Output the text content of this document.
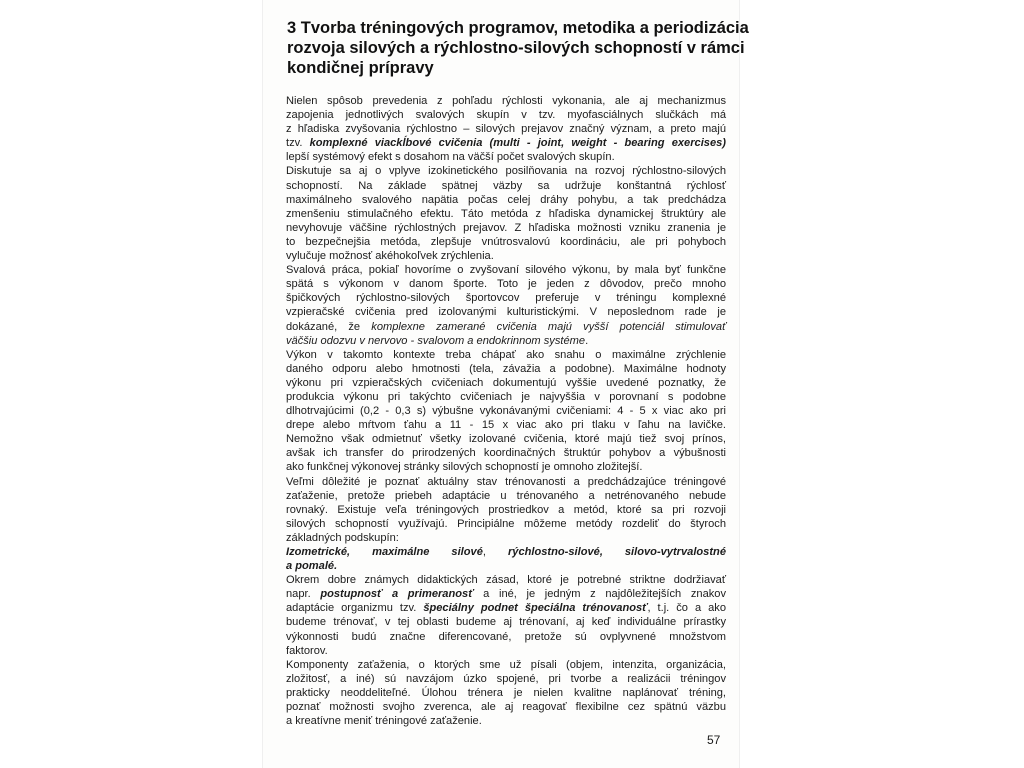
3 Tvorba tréningových programov, metodika a periodizácia
rozvoja silových a rýchlostno-silových schopností v rámci
kondičnej prípravy
Nielen spôsob prevedenia z pohľadu rýchlosti vykonania, ale aj mechanizmus
zapojenia jednotlivých svalových skupín v tzv. myofasciálnych slučkách má
z hľadiska zvyšovania rýchlostno – silových prejavov značný význam, a preto majú
tzv. komplexné viackĺbové cvičenia (multi - joint, weight - bearing exercises)
lepší systémový efekt s dosahom na väčší počet svalových skupín.
Diskutuje sa aj o vplyve izokinetického posilňovania na rozvoj rýchlostno-silových
schopností. Na základe spätnej väzby sa udržuje konštantná rýchlosť
maximálneho svalového napätia počas celej dráhy pohybu, a tak predchádza
zmenšeniu stimulačného efektu. Táto metóda z hľadiska dynamickej štruktúry ale
nevyhovuje väčšine rýchlostných prejavov. Z hľadiska možnosti vzniku zranenia je
to bezpečnejšia metóda, zlepšuje vnútrosvalovú koordináciu, ale pri pohyboch
vylučuje možnosť akéhokoľvek zrýchlenia.
Svalová práca, pokiaľ hovoríme o zvyšovaní silového výkonu, by mala byť funkčne
spätá s výkonom v danom športe. Toto je jeden z dôvodov, prečo mnoho
špičkových rýchlostno-silových športovcov preferuje v tréningu komplexné
vzpieračské cvičenia pred izolovanými kulturistickými. V neposlednom rade je
dokázané, že komplexne zamerané cvičenia majú vyšší potenciál stimulovať
väčšiu odozvu v nervovo - svalovom a endokrinnom systéme.
Výkon v takomto kontexte treba chápať ako snahu o maximálne zrýchlenie
daného odporu alebo hmotnosti (tela, závažia a podobne). Maximálne hodnoty
výkonu pri vzpieračských cvičeniach dokumentujú vyššie uvedené poznatky, že
produkcia výkonu pri takýchto cvičeniach je najvyššia v porovnaní s podobne
dlhotrvajúcimi (0,2 - 0,3 s) výbušne vykonávanými cvičeniami: 4 - 5 x viac ako pri
drepe alebo mŕtvom ťahu a 11 - 15 x viac ako pri tlaku v ľahu na lavičke.
Nemožno však odmietnuť všetky izolované cvičenia, ktoré majú tiež svoj prínos,
avšak ich transfer do prirodzených koordinačných štruktúr pohybov a výbušnosti
ako funkčnej výkonovej stránky silových schopností je omnoho zložitejší.
Veľmi dôležité je poznať aktuálny stav trénovanosti a predchádzajúce tréningové
zaťaženie, pretože priebeh adaptácie u trénovaného a netrénovaného nebude
rovnaký. Existuje veľa tréningových prostriedkov a metód, ktoré sa pri rozvoji
silových schopností využívajú. Principiálne môžeme metódy rozdeliť do štyroch
základných podskupín:
Izometrické, maximálne silové, rýchlostno-silové, silovo-vytrvalostné
a pomalé.
Okrem dobre známych didaktických zásad, ktoré je potrebné striktne dodržiavať
napr. postupnosť a primeranosť a iné, je jedným z najdôležitejších znakov
adaptácie organizmu tzv. špeciálny podnet špeciálna trénovanosť, t.j. čo a ako
budeme trénovať, v tej oblasti budeme aj trénovaní, aj keď individuálne prírastky
výkonnosti budú značne diferencované, pretože sú ovplyvnené množstvom
faktorov.
Komponenty zaťaženia, o ktorých sme už písali (objem, intenzita, organizácia,
zložitosť, a iné) sú navzájom úzko spojené, pri tvorbe a realizácii tréningov
prakticky neoddeliteľné. Úlohou trénera je nielen kvalitne naplánovať tréning,
poznať možnosti svojho zverenca, ale aj reagovať flexibilne cez spätnú väzbu
a kreatívne meniť tréningové zaťaženie.
57
